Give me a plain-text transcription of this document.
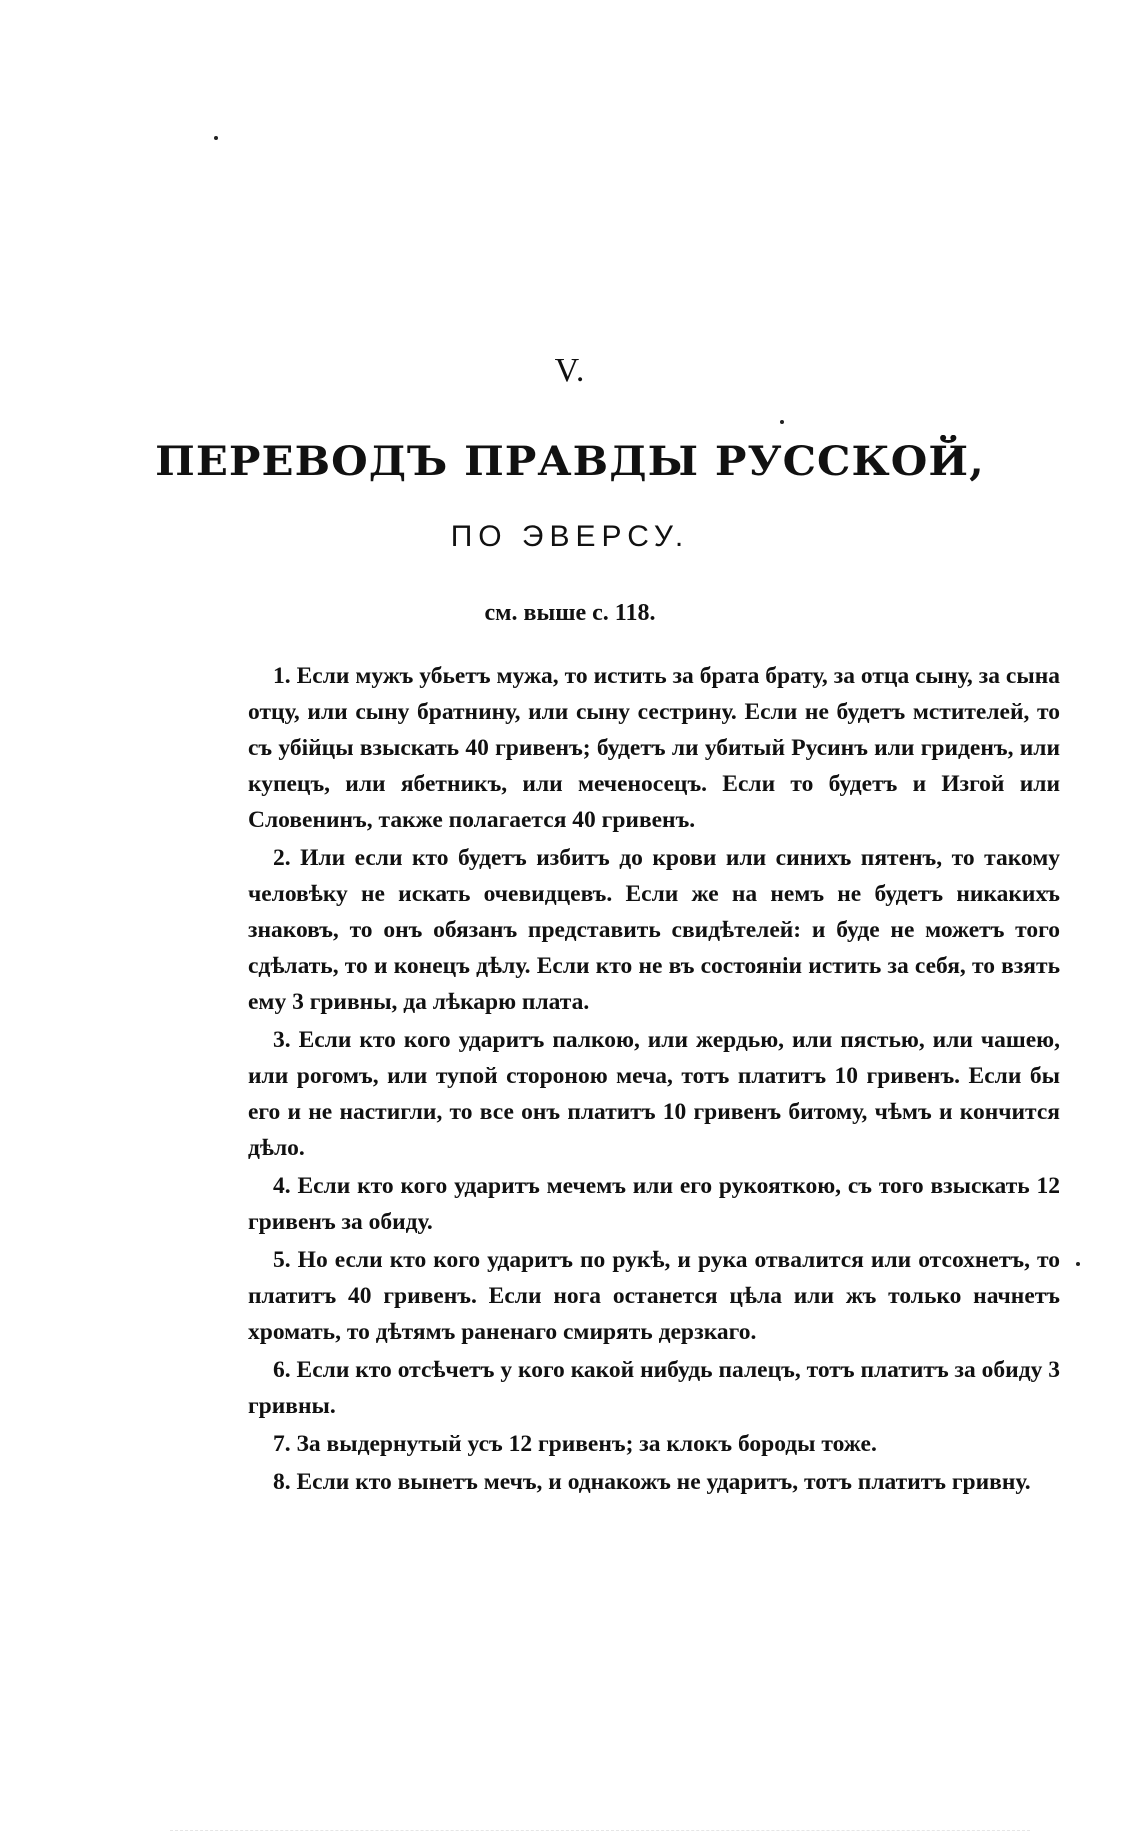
V.
ПЕРЕВОДЪ ПРАВДЫ РУССКОЙ,
ПО ЭВЕРСУ.
см. выше с. 118.

1. Если мужъ убьетъ мужа, то истить за брата брату, за отца сыну, за сына отцу, или сыну братнину, или сыну сестрину. Если не будетъ мстителей, то съ убійцы взыскать 40 гривенъ; будетъ ли убитый Русинъ или гриденъ, или купецъ, или ябетникъ, или меченосецъ. Если то будетъ и Изгой или Словенинъ, также полагается 40 гривенъ.

2. Или если кто будетъ избитъ до крови или синихъ пятенъ, то такому человѣку не искать очевидцевъ. Если же на немъ не будетъ никакихъ знаковъ, то онъ обязанъ представить свидѣтелей: и буде не можетъ того сдѣлать, то и конецъ дѣлу. Если кто не въ состояніи истить за себя, то взять ему 3 гривны, да лѣкарю плата.

3. Если кто кого ударитъ палкою, или жердью, или пястью, или чашею, или рогомъ, или тупой стороною меча, тотъ платитъ 10 гривенъ. Если бы его и не настигли, то все онъ платитъ 10 гривенъ битому, чѣмъ и кончится дѣло.

4. Если кто кого ударитъ мечемъ или его рукояткою, съ того взыскать 12 гривенъ за обиду.

5. Но если кто кого ударитъ по рукѣ, и рука отвалится или отсохнетъ, то платитъ 40 гривенъ. Если нога останется цѣла или жъ только начнетъ хромать, то дѣтямъ раненаго смирять дерзкаго.

6. Если кто отсѣчетъ у кого какой нибудь палецъ, тотъ платитъ за обиду 3 гривны.

7. За выдернутый усъ 12 гривенъ; за клокъ бороды тоже.

8. Если кто вынетъ мечъ, и однакожъ не ударитъ, тотъ платитъ гривну.
